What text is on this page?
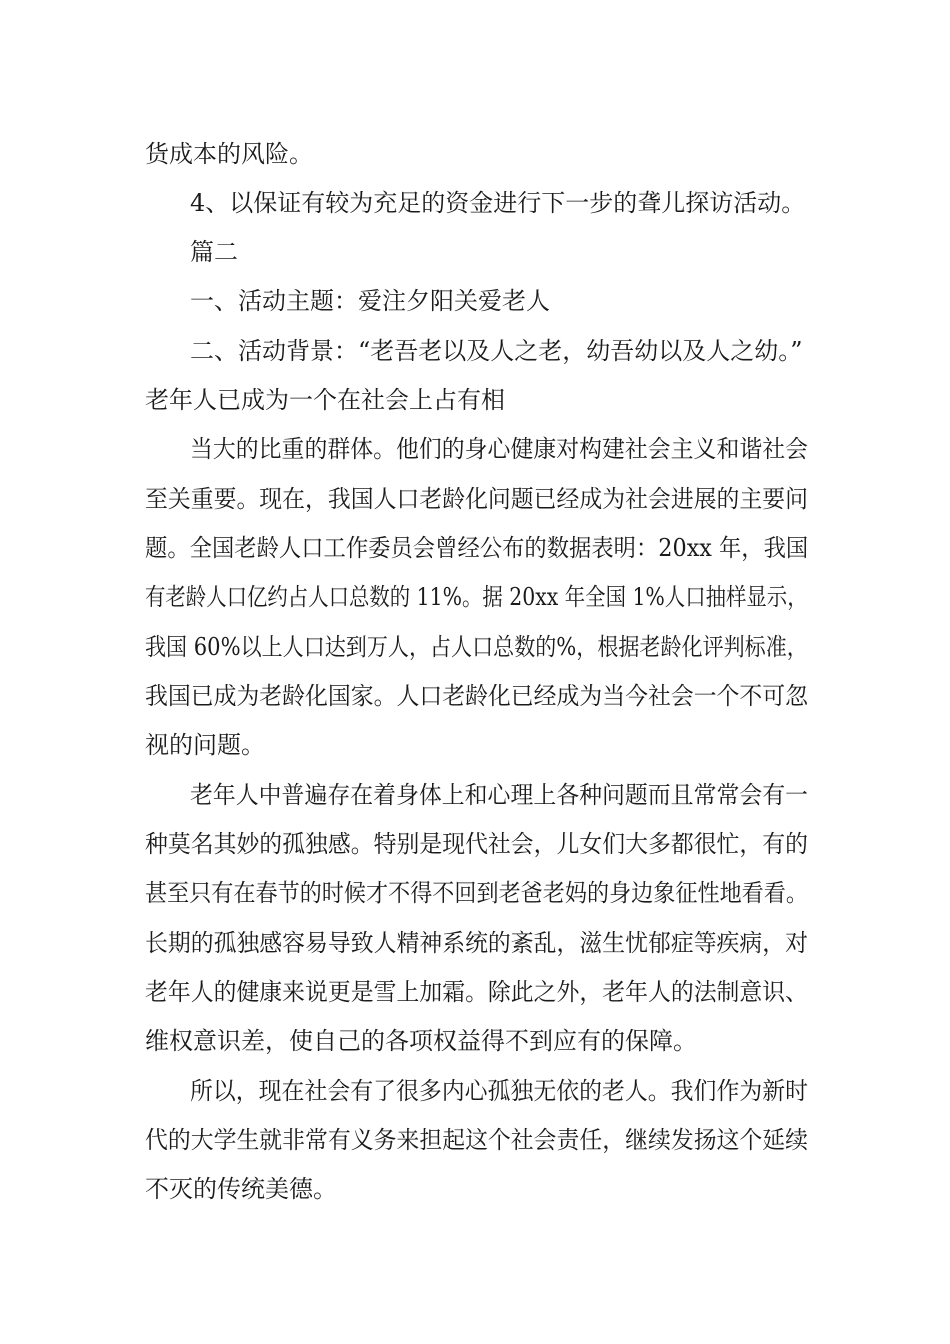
货成本的风险。
4、以保证有较为充足的资金进行下一步的聋儿探访活动。
篇二
一、活动主题：爱注夕阳关爱老人
二、活动背景：“老吾老以及人之老，幼吾幼以及人之幼。”
老年人已成为一个在社会上占有相
当大的比重的群体。他们的身心健康对构建社会主义和谐社会
至关重要。现在，我国人口老龄化问题已经成为社会进展的主要问
题。全国老龄人口工作委员会曾经公布的数据表明：20xx 年，我国
有老龄人口亿约占人口总数的 11%。据 20xx 年全国 1%人口抽样显示，
我国 60%以上人口达到万人，占人口总数的%，根据老龄化评判标准，
我国已成为老龄化国家。人口老龄化已经成为当今社会一个不可忽
视的问题。
老年人中普遍存在着身体上和心理上各种问题而且常常会有一
种莫名其妙的孤独感。特别是现代社会，儿女们大多都很忙，有的
甚至只有在春节的时候才不得不回到老爸老妈的身边象征性地看看。
长期的孤独感容易导致人精神系统的紊乱，滋生忧郁症等疾病，对
老年人的健康来说更是雪上加霜。除此之外，老年人的法制意识、
维权意识差，使自己的各项权益得不到应有的保障。
所以，现在社会有了很多内心孤独无依的老人。我们作为新时
代的大学生就非常有义务来担起这个社会责任，继续发扬这个延续
不灭的传统美德。
